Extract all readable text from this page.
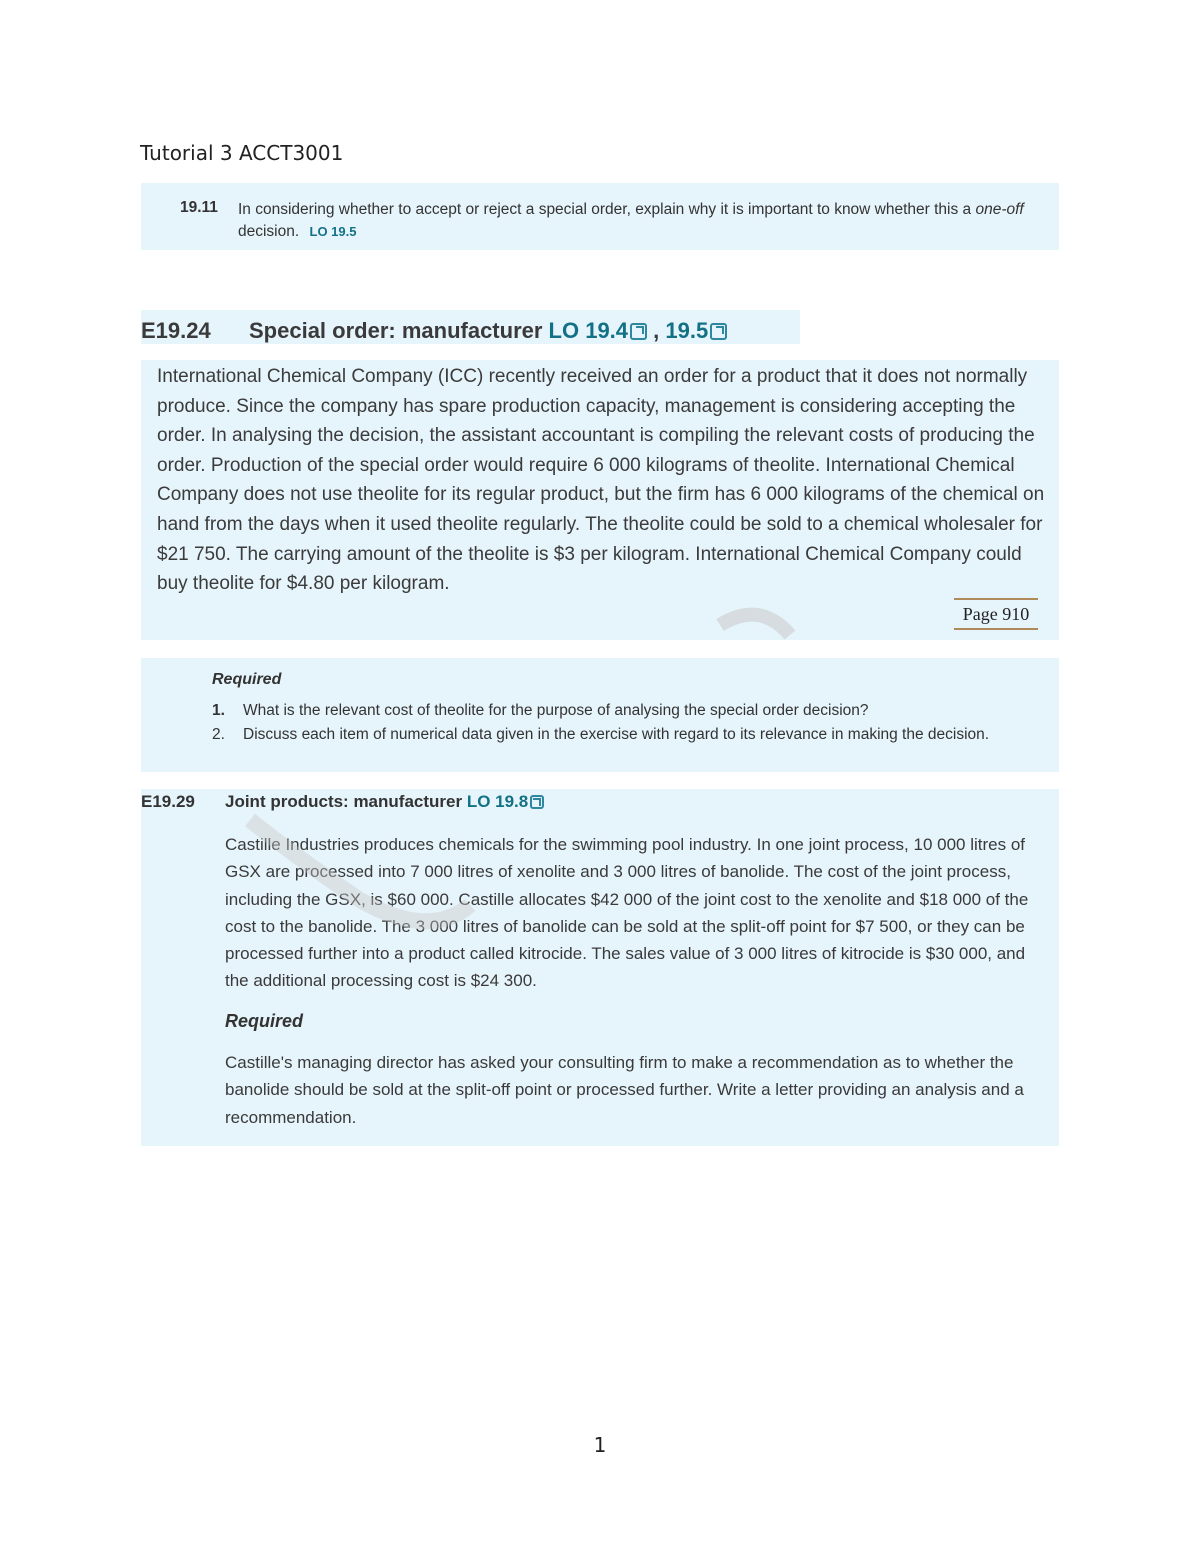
Tutorial 3 ACCT3001
19.11 In considering whether to accept or reject a special order, explain why it is important to know whether this a one-off decision. LO 19.5
E19.24 Special order: manufacturer LO 19.4 , 19.5
International Chemical Company (ICC) recently received an order for a product that it does not normally produce. Since the company has spare production capacity, management is considering accepting the order. In analysing the decision, the assistant accountant is compiling the relevant costs of producing the order. Production of the special order would require 6 000 kilograms of theolite. International Chemical Company does not use theolite for its regular product, but the firm has 6 000 kilograms of the chemical on hand from the days when it used theolite regularly. The theolite could be sold to a chemical wholesaler for $21 750. The carrying amount of the theolite is $3 per kilogram. International Chemical Company could buy theolite for $4.80 per kilogram.
Page 910
Required
1. What is the relevant cost of theolite for the purpose of analysing the special order decision?
2. Discuss each item of numerical data given in the exercise with regard to its relevance in making the decision.
E19.29 Joint products: manufacturer LO 19.8
Castille Industries produces chemicals for the swimming pool industry. In one joint process, 10 000 litres of GSX are processed into 7 000 litres of xenolite and 3 000 litres of banolide. The cost of the joint process, including the GSX, is $60 000. Castille allocates $42 000 of the joint cost to the xenolite and $18 000 of the cost to the banolide. The 3 000 litres of banolide can be sold at the split-off point for $7 500, or they can be processed further into a product called kitrocide. The sales value of 3 000 litres of kitrocide is $30 000, and the additional processing cost is $24 300.
Required
Castille's managing director has asked your consulting firm to make a recommendation as to whether the banolide should be sold at the split-off point or processed further. Write a letter providing an analysis and a recommendation.
1
